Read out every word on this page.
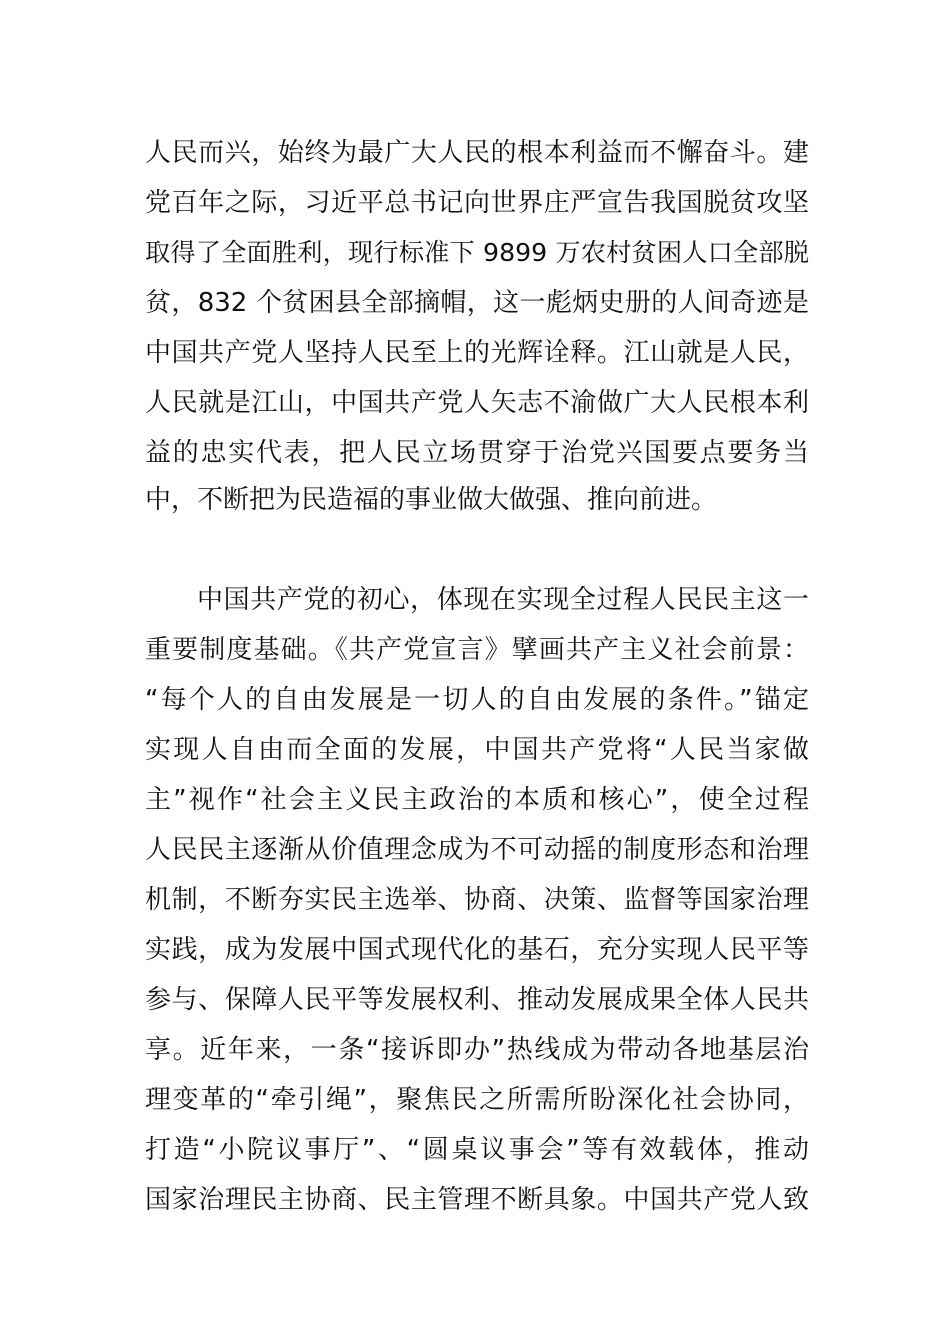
人民而兴，始终为最广大人民的根本利益而不懈奋斗。建
党百年之际，习近平总书记向世界庄严宣告我国脱贫攻坚
取得了全面胜利，现行标准下 9899 万农村贫困人口全部脱
贫，832 个贫困县全部摘帽，这一彪炳史册的人间奇迹是
中国共产党人坚持人民至上的光辉诠释。江山就是人民，
人民就是江山，中国共产党人矢志不渝做广大人民根本利
益的忠实代表，把人民立场贯穿于治党兴国要点要务当
中，不断把为民造福的事业做大做强、推向前进。
中国共产党的初心，体现在实现全过程人民民主这一
重要制度基础。《共产党宣言》擘画共产主义社会前景：
“每个人的自由发展是一切人的自由发展的条件。”锚定
实现人自由而全面的发展，中国共产党将“人民当家做
主”视作“社会主义民主政治的本质和核心”，使全过程
人民民主逐渐从价值理念成为不可动摇的制度形态和治理
机制，不断夯实民主选举、协商、决策、监督等国家治理
实践，成为发展中国式现代化的基石，充分实现人民平等
参与、保障人民平等发展权利、推动发展成果全体人民共
享。近年来，一条“接诉即办”热线成为带动各地基层治
理变革的“牵引绳”，聚焦民之所需所盼深化社会协同，
打造“小院议事厅”、“圆桌议事会”等有效载体，推动
国家治理民主协商、民主管理不断具象。中国共产党人致
